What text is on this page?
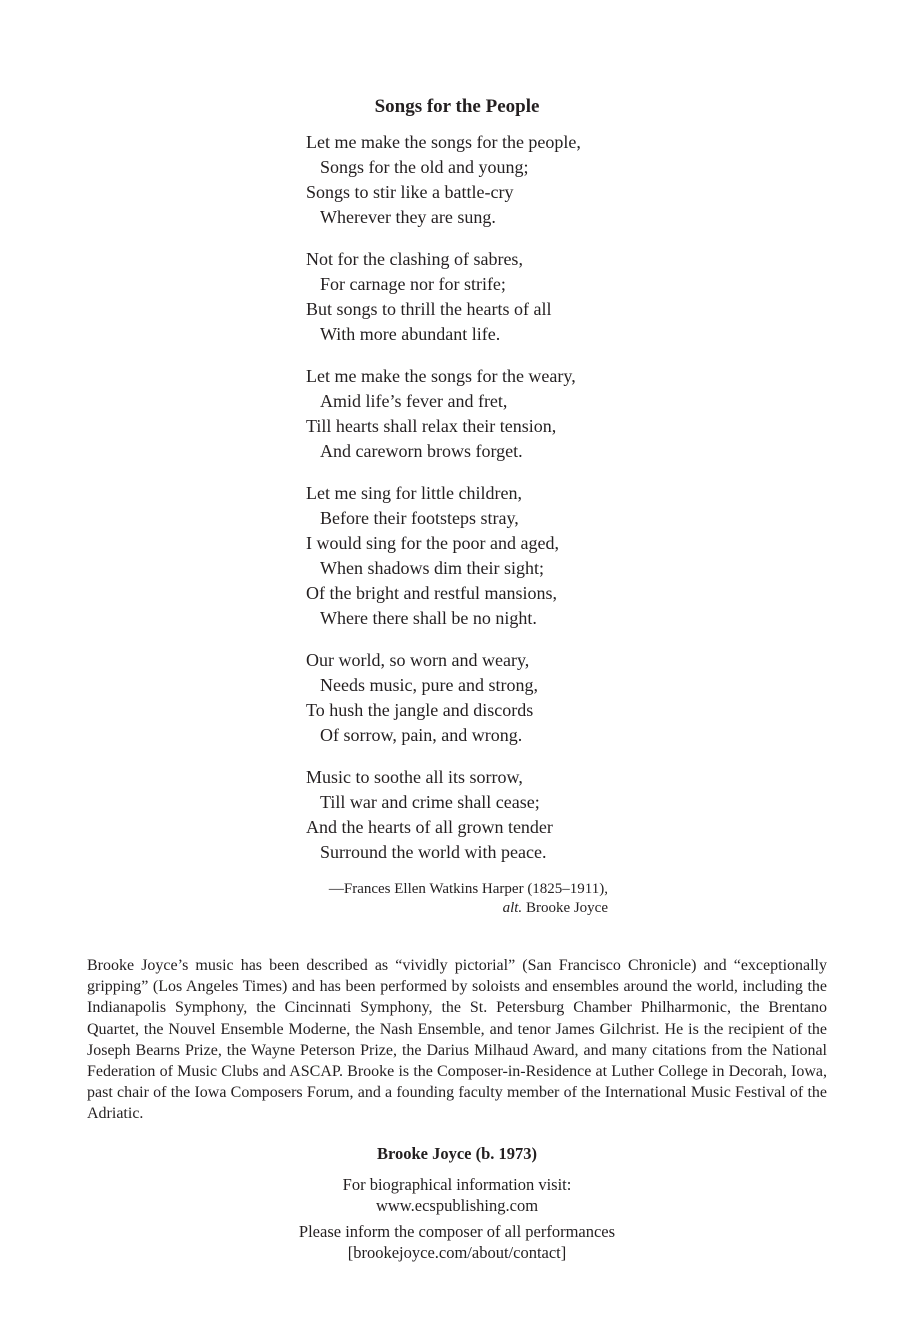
Songs for the People
Let me make the songs for the people,
Songs for the old and young;
Songs to stir like a battle-cry
Wherever they are sung.
Not for the clashing of sabres,
For carnage nor for strife;
But songs to thrill the hearts of all
With more abundant life.
Let me make the songs for the weary,
Amid life’s fever and fret,
Till hearts shall relax their tension,
And careworn brows forget.
Let me sing for little children,
Before their footsteps stray,
I would sing for the poor and aged,
When shadows dim their sight;
Of the bright and restful mansions,
Where there shall be no night.
Our world, so worn and weary,
Needs music, pure and strong,
To hush the jangle and discords
Of sorrow, pain, and wrong.
Music to soothe all its sorrow,
Till war and crime shall cease;
And the hearts of all grown tender
Surround the world with peace.
—Frances Ellen Watkins Harper (1825–1911),
alt. Brooke Joyce

Brooke Joyce’s music has been described as “vividly pictorial” (San Francisco Chronicle) and “exceptionally gripping” (Los Angeles Times) and has been performed by soloists and ensembles around the world, including the Indianapolis Symphony, the Cincinnati Symphony, the St. Petersburg Chamber Philharmonic, the Brentano Quartet, the Nouvel Ensemble Moderne, the Nash Ensemble, and tenor James Gilchrist. He is the recipient of the Joseph Bearns Prize, the Wayne Peterson Prize, the Darius Milhaud Award, and many citations from the National Federation of Music Clubs and ASCAP. Brooke is the Composer-in-Residence at Luther College in Decorah, Iowa, past chair of the Iowa Composers Forum, and a founding faculty member of the International Music Festival of the Adriatic.

Brooke Joyce (b. 1973)
For biographical information visit:
www.ecspublishing.com
Please inform the composer of all performances
[brookejoyce.com/about/contact]
